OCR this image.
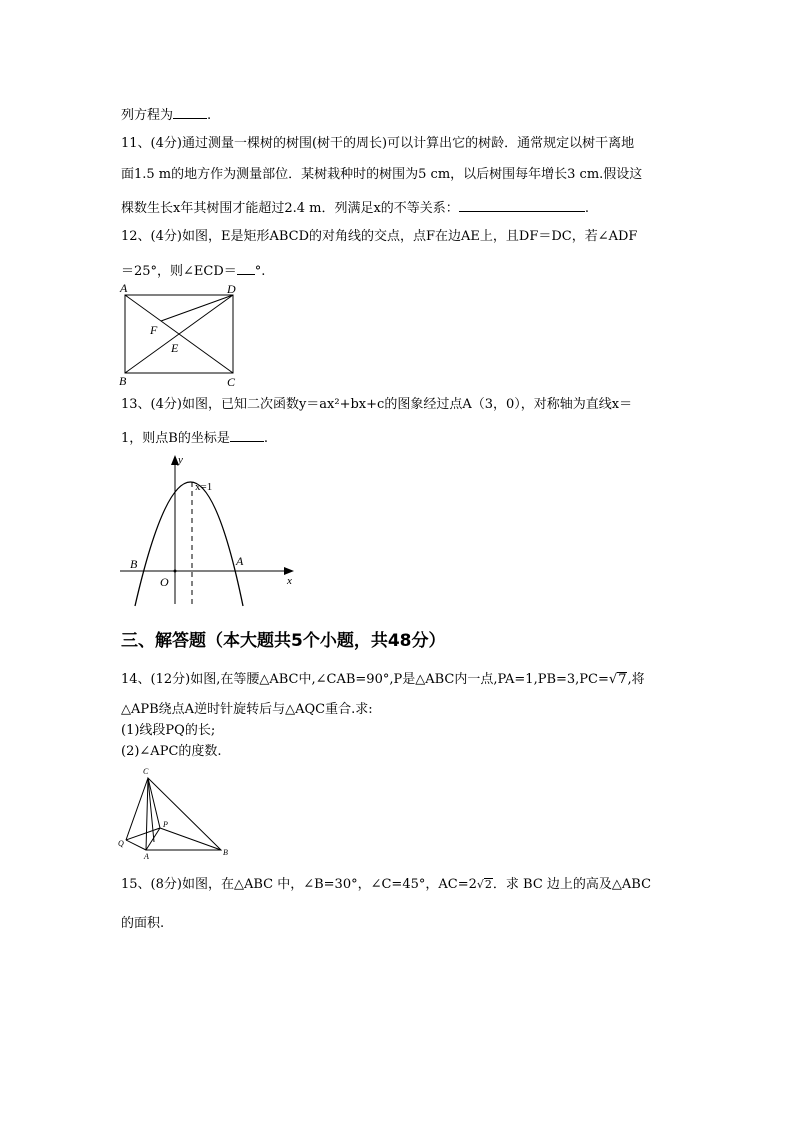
列方程为	.
11、(4分)通过测量一棵树的树围(树干的周长)可以计算出它的树龄．通常规定以树干离地
面1.5 m的地方作为测量部位．某树栽种时的树围为5 cm，以后树围每年增长3 cm.假设这
棵数生长x年其树围才能超过2.4 m．列满足x的不等关系：	.
12、(4分)如图，E是矩形ABCD的对角线的交点，点F在边AE上，且DF＝DC，若∠ADF
＝25°，则∠ECD＝ °.
A	D
B	C
F
E
13、(4分)如图，已知二次函数y＝ax²+bx+c的图象经过点A（3，0），对称轴为直线x＝
1，则点B的坐标是	.
y
x
O
B	A
x=1
三、解答题（本大题共5个小题，共48分）
14、(12分)如图,在等腰△ABC中,∠CAB=90°,P是△ABC内一点,PA=1,PB=3,PC=√7,将
△APB绕点A逆时针旋转后与△AQC重合.求:
(1)线段PQ的长;
(2)∠APC的度数.
C
P
Q
A	B
15、(8分)如图，在△ABC 中，∠B=30°，∠C=45°，AC=2√2．求 BC 边上的高及△ABC
的面积.
